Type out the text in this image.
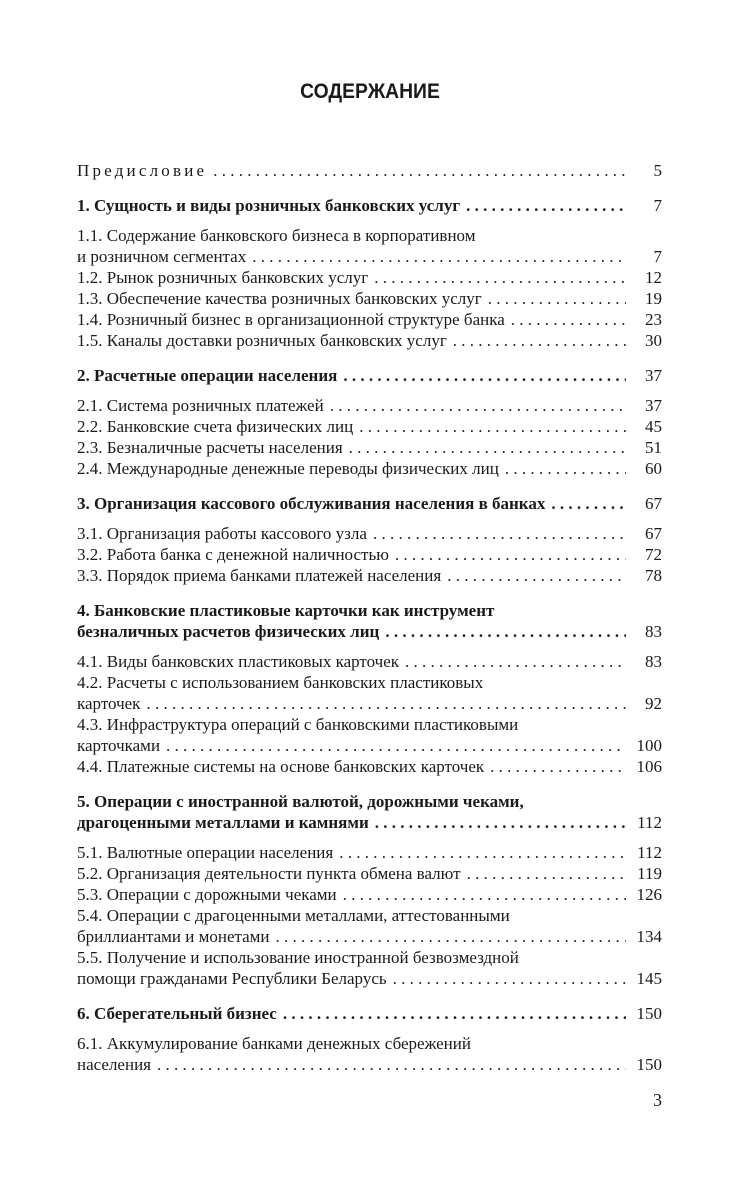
СОДЕРЖАНИЕ
Предисловие . . .	5
1. Сущность и виды розничных банковских услуг . . .	7
1.1. Содержание банковского бизнеса в корпоративном
и розничном сегментах . . .	7
1.2. Рынок розничных банковских услуг . . .	12
1.3. Обеспечение качества розничных банковских услуг . . .	19
1.4. Розничный бизнес в организационной структуре банка . . .	23
1.5. Каналы доставки розничных банковских услуг . . .	30
2. Расчетные операции населения . . .	37
2.1. Система розничных платежей . . .	37
2.2. Банковские счета физических лиц . . .	45
2.3. Безналичные расчеты населения . . .	51
2.4. Международные денежные переводы физических лиц . . .	60
3. Организация кассового обслуживания населения в банках . . .	67
3.1. Организация работы кассового узла . . .	67
3.2. Работа банка с денежной наличностью . . .	72
3.3. Порядок приема банками платежей населения . . .	78
4. Банковские пластиковые карточки как инструмент
безналичных расчетов физических лиц . . .	83
4.1. Виды банковских пластиковых карточек . . .	83
4.2. Расчеты с использованием банковских пластиковых
карточек . . .	92
4.3. Инфраструктура операций с банковскими пластиковыми
карточками . . .	100
4.4. Платежные системы на основе банковских карточек . . .	106
5. Операции с иностранной валютой, дорожными чеками,
драгоценными металлами и камнями . . .	112
5.1. Валютные операции населения . . .	112
5.2. Организация деятельности пункта обмена валют . . .	119
5.3. Операции с дорожными чеками . . .	126
5.4. Операции с драгоценными металлами, аттестованными
бриллиантами и монетами . . .	134
5.5. Получение и использование иностранной безвозмездной
помощи гражданами Республики Беларусь . . .	145
6. Сберегательный бизнес . . .	150
6.1. Аккумулирование банками денежных сбережений
населения . . .	150
3
